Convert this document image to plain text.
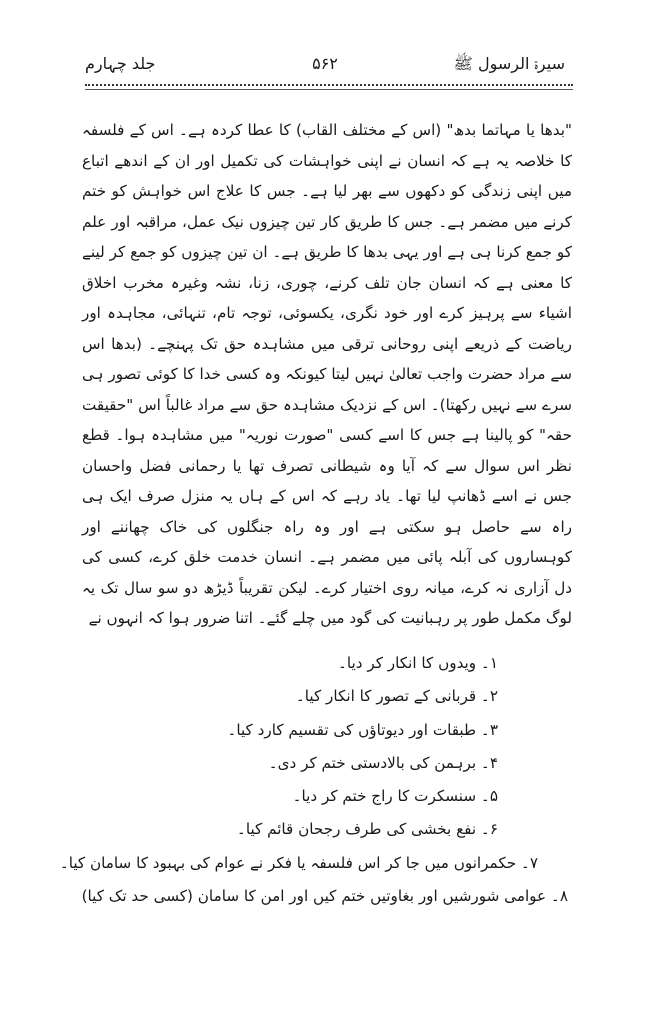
سیرۃ الرسول ﷺ
۵۶۲
جلد چہارم

"بدھا یا مہاتما بدھ" (اس کے مختلف القاب) کا عطا کردہ ہے۔ اس کے فلسفہ کا خلاصہ یہ ہے کہ انسان نے اپنی خواہشات کی تکمیل اور ان کے اندھے اتباع میں اپنی زندگی کو دکھوں سے بھر لیا ہے۔ جس کا علاج اس خواہش کو ختم کرنے میں مضمر ہے۔ جس کا طریق کار تین چیزوں نیک عمل، مراقبہ اور علم کو جمع کرنا ہی ہے اور یہی بدھا کا طریق ہے۔ ان تین چیزوں کو جمع کر لینے کا معنی ہے کہ انسان جان تلف کرنے، چوری، زنا، نشہ وغیرہ مخرب اخلاق اشیاء سے پرہیز کرے اور خود نگری، یکسوئی، توجہ تام، تنہائی، مجاہدہ اور ریاضت کے ذریعے اپنی روحانی ترقی میں مشاہدہ حق تک پہنچے۔ (بدھا اس سے مراد حضرت واجب تعالیٰ نہیں لیتا کیونکہ وہ کسی خدا کا کوئی تصور ہی سرے سے نہیں رکھتا)۔ اس کے نزدیک مشاہدہ حق سے مراد غالباً اس "حقیقت حقہ" کو پالینا ہے جس کا اسے کسی "صورت نوریہ" میں مشاہدہ ہوا۔ قطع نظر اس سوال سے کہ آیا وہ شیطانی تصرف تھا یا رحمانی فضل واحسان جس نے اسے ڈھانپ لیا تھا۔ یاد رہے کہ اس کے ہاں یہ منزل صرف ایک ہی راہ سے حاصل ہو سکتی ہے اور وہ راہ جنگلوں کی خاک چھاننے اور کوہساروں کی آبلہ پائی میں مضمر ہے۔ انسان خدمت خلق کرے، کسی کی دل آزاری نہ کرے، میانہ روی اختیار کرے۔ لیکن تقریباً ڈیڑھ دو سو سال تک یہ لوگ مکمل طور پر رہبانیت کی گود میں چلے گئے۔ اتنا ضرور ہوا کہ انہوں نے

۱۔ ویدوں کا انکار کر دیا۔
۲۔ قربانی کے تصور کا انکار کیا۔
۳۔ طبقات اور دیوتاؤں کی تقسیم کارد کیا۔
۴۔ برہمن کی بالادستی ختم کر دی۔
۵۔ سنسکرت کا راج ختم کر دیا۔
۶۔ نفع بخشی کی طرف رجحان قائم کیا۔
۷۔ حکمرانوں میں جا کر اس فلسفہ یا فکر نے عوام کی بہبود کا سامان کیا۔
۸۔ عوامی شورشیں اور بغاوتیں ختم کیں اور امن کا سامان (کسی حد تک کیا)
